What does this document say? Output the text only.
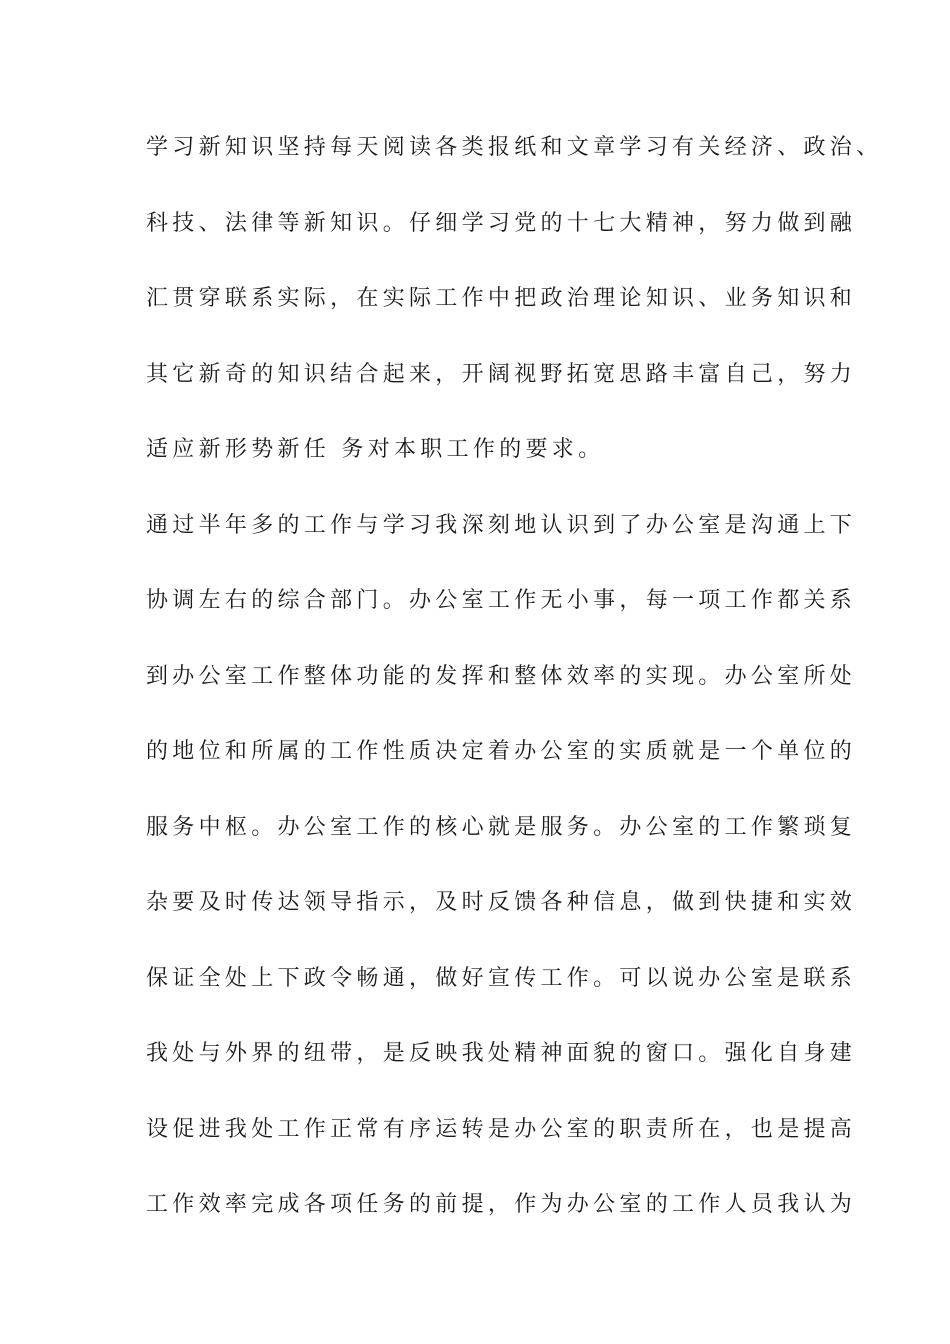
学习新知识坚持每天阅读各类报纸和文章学习有关经济、政治、
科技、法律等新知识。仔细学习党的十七大精神，努力做到融
汇贯穿联系实际，在实际工作中把政治理论知识、业务知识和
其它新奇的知识结合起来，开阔视野拓宽思路丰富自己，努力
适应新形势新任 务对本职工作的要求。
通过半年多的工作与学习我深刻地认识到了办公室是沟通上下
协调左右的综合部门。办公室工作无小事，每一项工作都关系
到办公室工作整体功能的发挥和整体效率的实现。办公室所处
的地位和所属的工作性质决定着办公室的实质就是一个单位的
服务中枢。办公室工作的核心就是服务。办公室的工作繁琐复
杂要及时传达领导指示，及时反馈各种信息，做到快捷和实效
保证全处上下政令畅通，做好宣传工作。可以说办公室是联系
我处与外界的纽带，是反映我处精神面貌的窗口。强化自身建
设促进我处工作正常有序运转是办公室的职责所在，也是提高
工作效率完成各项任务的前提，作为办公室的工作人员我认为
